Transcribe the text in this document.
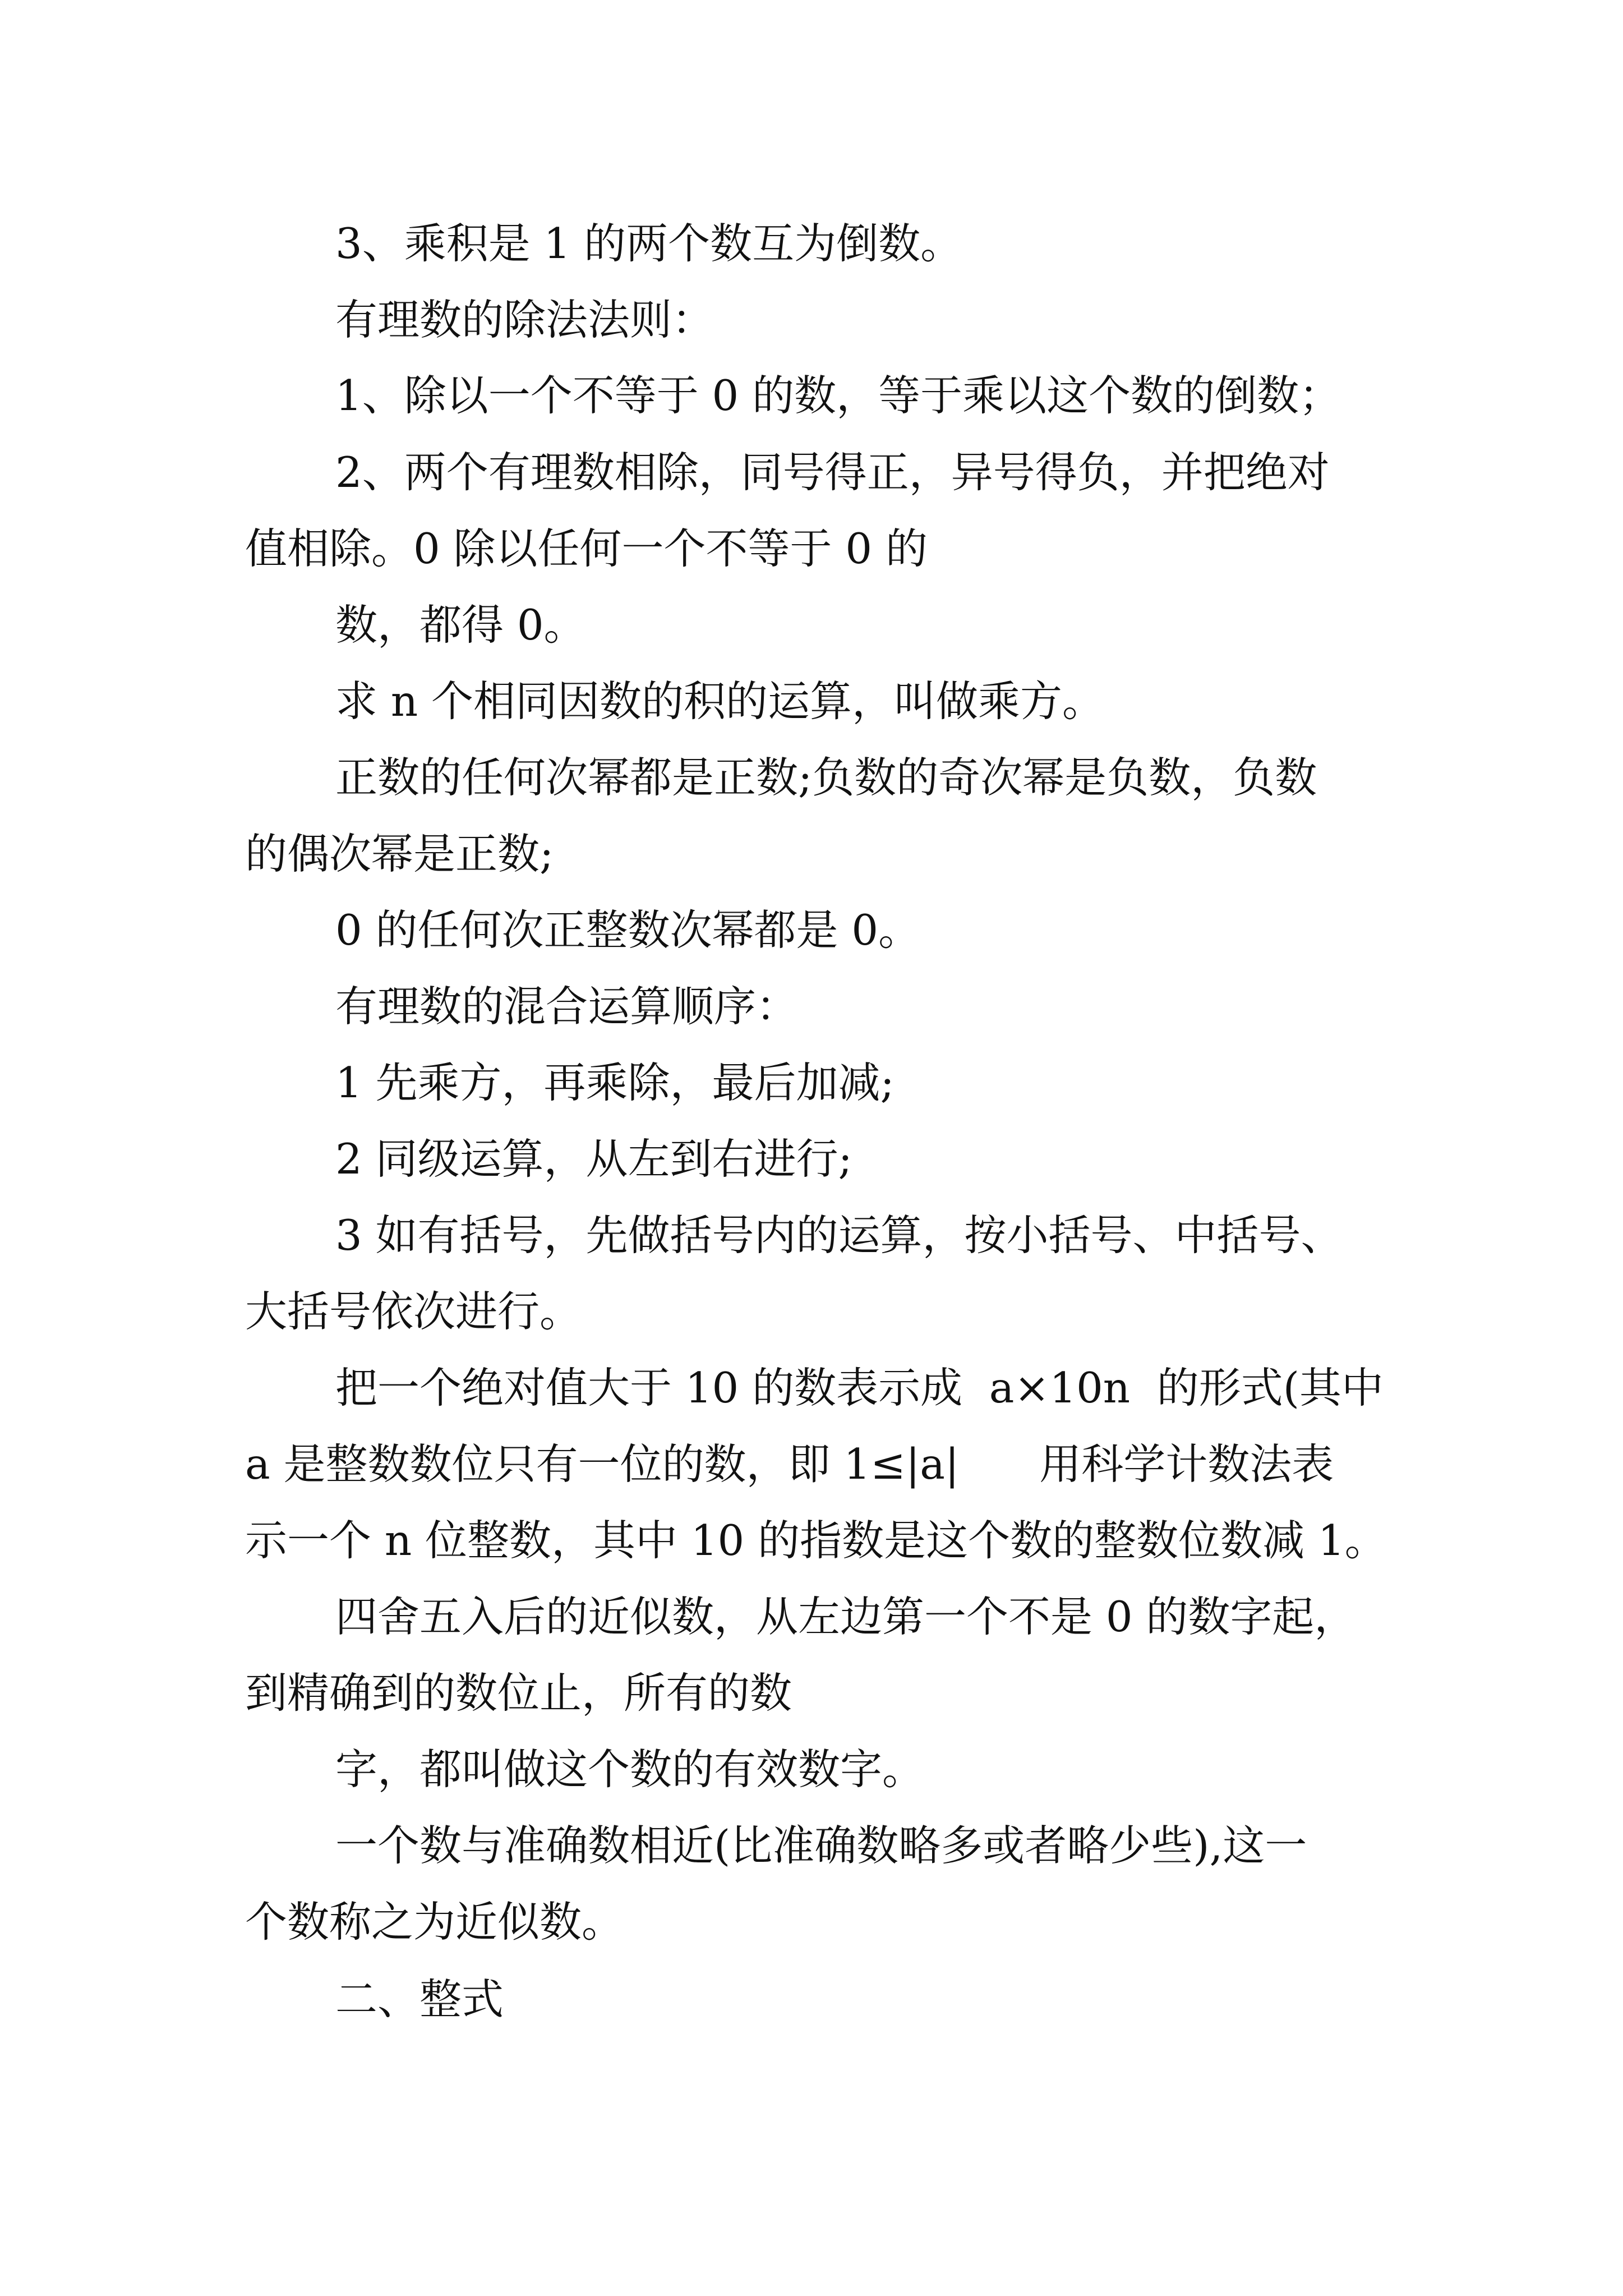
3、乘积是 1 的两个数互为倒数。

有理数的除法法则：

1、除以一个不等于 0 的数，等于乘以这个数的倒数；

2、两个有理数相除，同号得正，异号得负，并把绝对

值相除。0 除以任何一个不等于 0 的

数，都得 0。

求 n 个相同因数的积的运算，叫做乘方。

正数的任何次幂都是正数;负数的奇次幂是负数，负数

的偶次幂是正数;

0 的任何次正整数次幂都是 0。

有理数的混合运算顺序：

1 先乘方，再乘除，最后加减;

2 同级运算，从左到右进行;

3 如有括号，先做括号内的运算，按小括号、中括号、

大括号依次进行。

把一个绝对值大于 10 的数表示成  a×10n  的形式(其中

a 是整数数位只有一位的数，即 1≤|a|      用科学计数法表

示一个 n 位整数，其中 10 的指数是这个数的整数位数减 1。

四舍五入后的近似数，从左边第一个不是 0 的数字起，

到精确到的数位止，所有的数

字，都叫做这个数的有效数字。

一个数与准确数相近(比准确数略多或者略少些),这一

个数称之为近似数。

二、整式
